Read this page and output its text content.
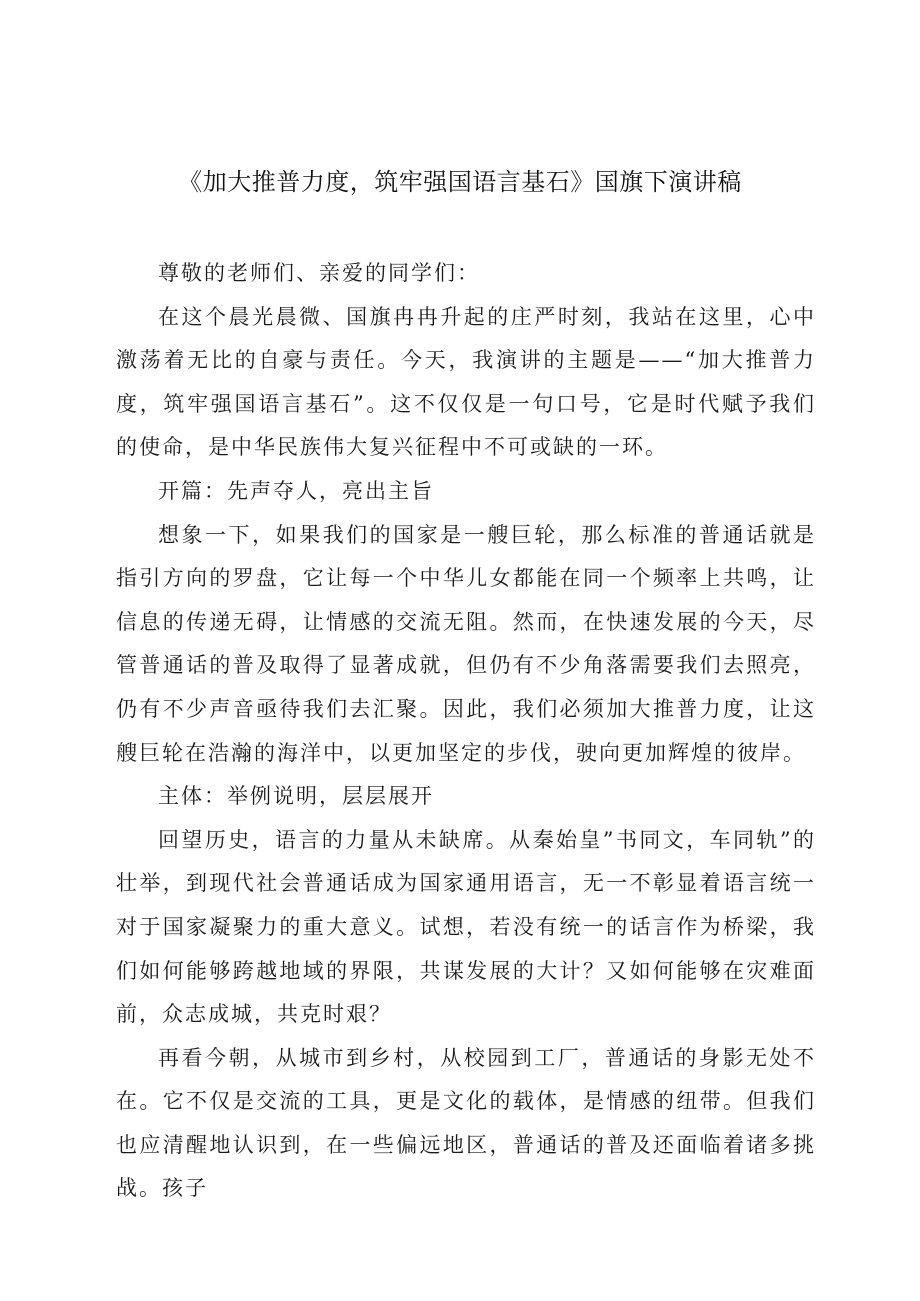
《加大推普力度，筑牢强国语言基石》国旗下演讲稿

尊敬的老师们、亲爱的同学们：

在这个晨光晨微、国旗冉冉升起的庄严时刻，我站在这里，心中激荡着无比的自豪与责任。今天，我演讲的主题是——“加大推普力度，筑牢强国语言基石”。这不仅仅是一句口号，它是时代赋予我们的使命，是中华民族伟大复兴征程中不可或缺的一环。

开篇：先声夺人，亮出主旨

想象一下，如果我们的国家是一艘巨轮，那么标准的普通话就是指引方向的罗盘，它让每一个中华儿女都能在同一个频率上共鸣，让信息的传递无碍，让情感的交流无阻。然而，在快速发展的今天，尽管普通话的普及取得了显著成就，但仍有不少角落需要我们去照亮，仍有不少声音亟待我们去汇聚。因此，我们必须加大推普力度，让这艘巨轮在浩瀚的海洋中，以更加坚定的步伐，驶向更加辉煌的彼岸。

主体：举例说明，层层展开

回望历史，语言的力量从未缺席。从秦始皇”书同文，车同轨”的壮举，到现代社会普通话成为国家通用语言，无一不彰显着语言统一对于国家凝聚力的重大意义。试想，若没有统一的话言作为桥梁，我们如何能够跨越地域的界限，共谋发展的大计？又如何能够在灾难面前，众志成城，共克时艰？

再看今朝，从城市到乡村，从校园到工厂，普通话的身影无处不在。它不仅是交流的工具，更是文化的载体，是情感的纽带。但我们也应清醒地认识到，在一些偏远地区，普通话的普及还面临着诸多挑战。孩子
